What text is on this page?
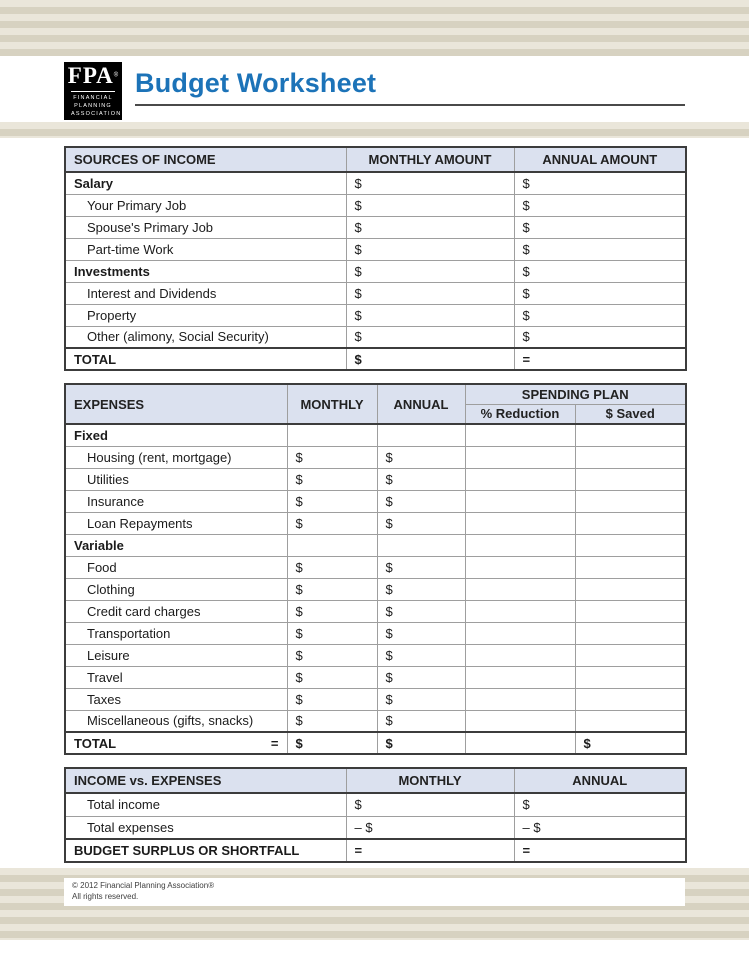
FPA®
FINANCIAL
PLANNING
ASSOCIATION
Budget Worksheet
SOURCES OF INCOME	MONTHLY AMOUNT	ANNUAL AMOUNT
Salary	$	$
Your Primary Job	$	$
Spouse's Primary Job	$	$
Part-time Work	$	$
Investments	$	$
Interest and Dividends	$	$
Property	$	$
Other (alimony, Social Security)	$	$
TOTAL	$	=
EXPENSES	MONTHLY	ANNUAL	SPENDING PLAN	
			% Reduction	$ Saved
Fixed

Housing (rent, mortgage)	$	$		
Utilities	$	$		
Insurance	$	$		
Loan Repayments	$	$		
Variable

Food	$	$		
Clothing	$	$		
Credit card charges	$	$		
Transportation	$	$		
Leisure	$	$		
Travel	$	$		
Taxes	$	$		
Miscellaneous (gifts, snacks)	$	$		
TOTAL =	$	$		$
INCOME vs. EXPENSES	MONTHLY	ANNUAL
Total income	$	$
Total expenses	– $	– $
BUDGET SURPLUS OR SHORTFALL	=	=
© 2012 Financial Planning Association®
All rights reserved.
